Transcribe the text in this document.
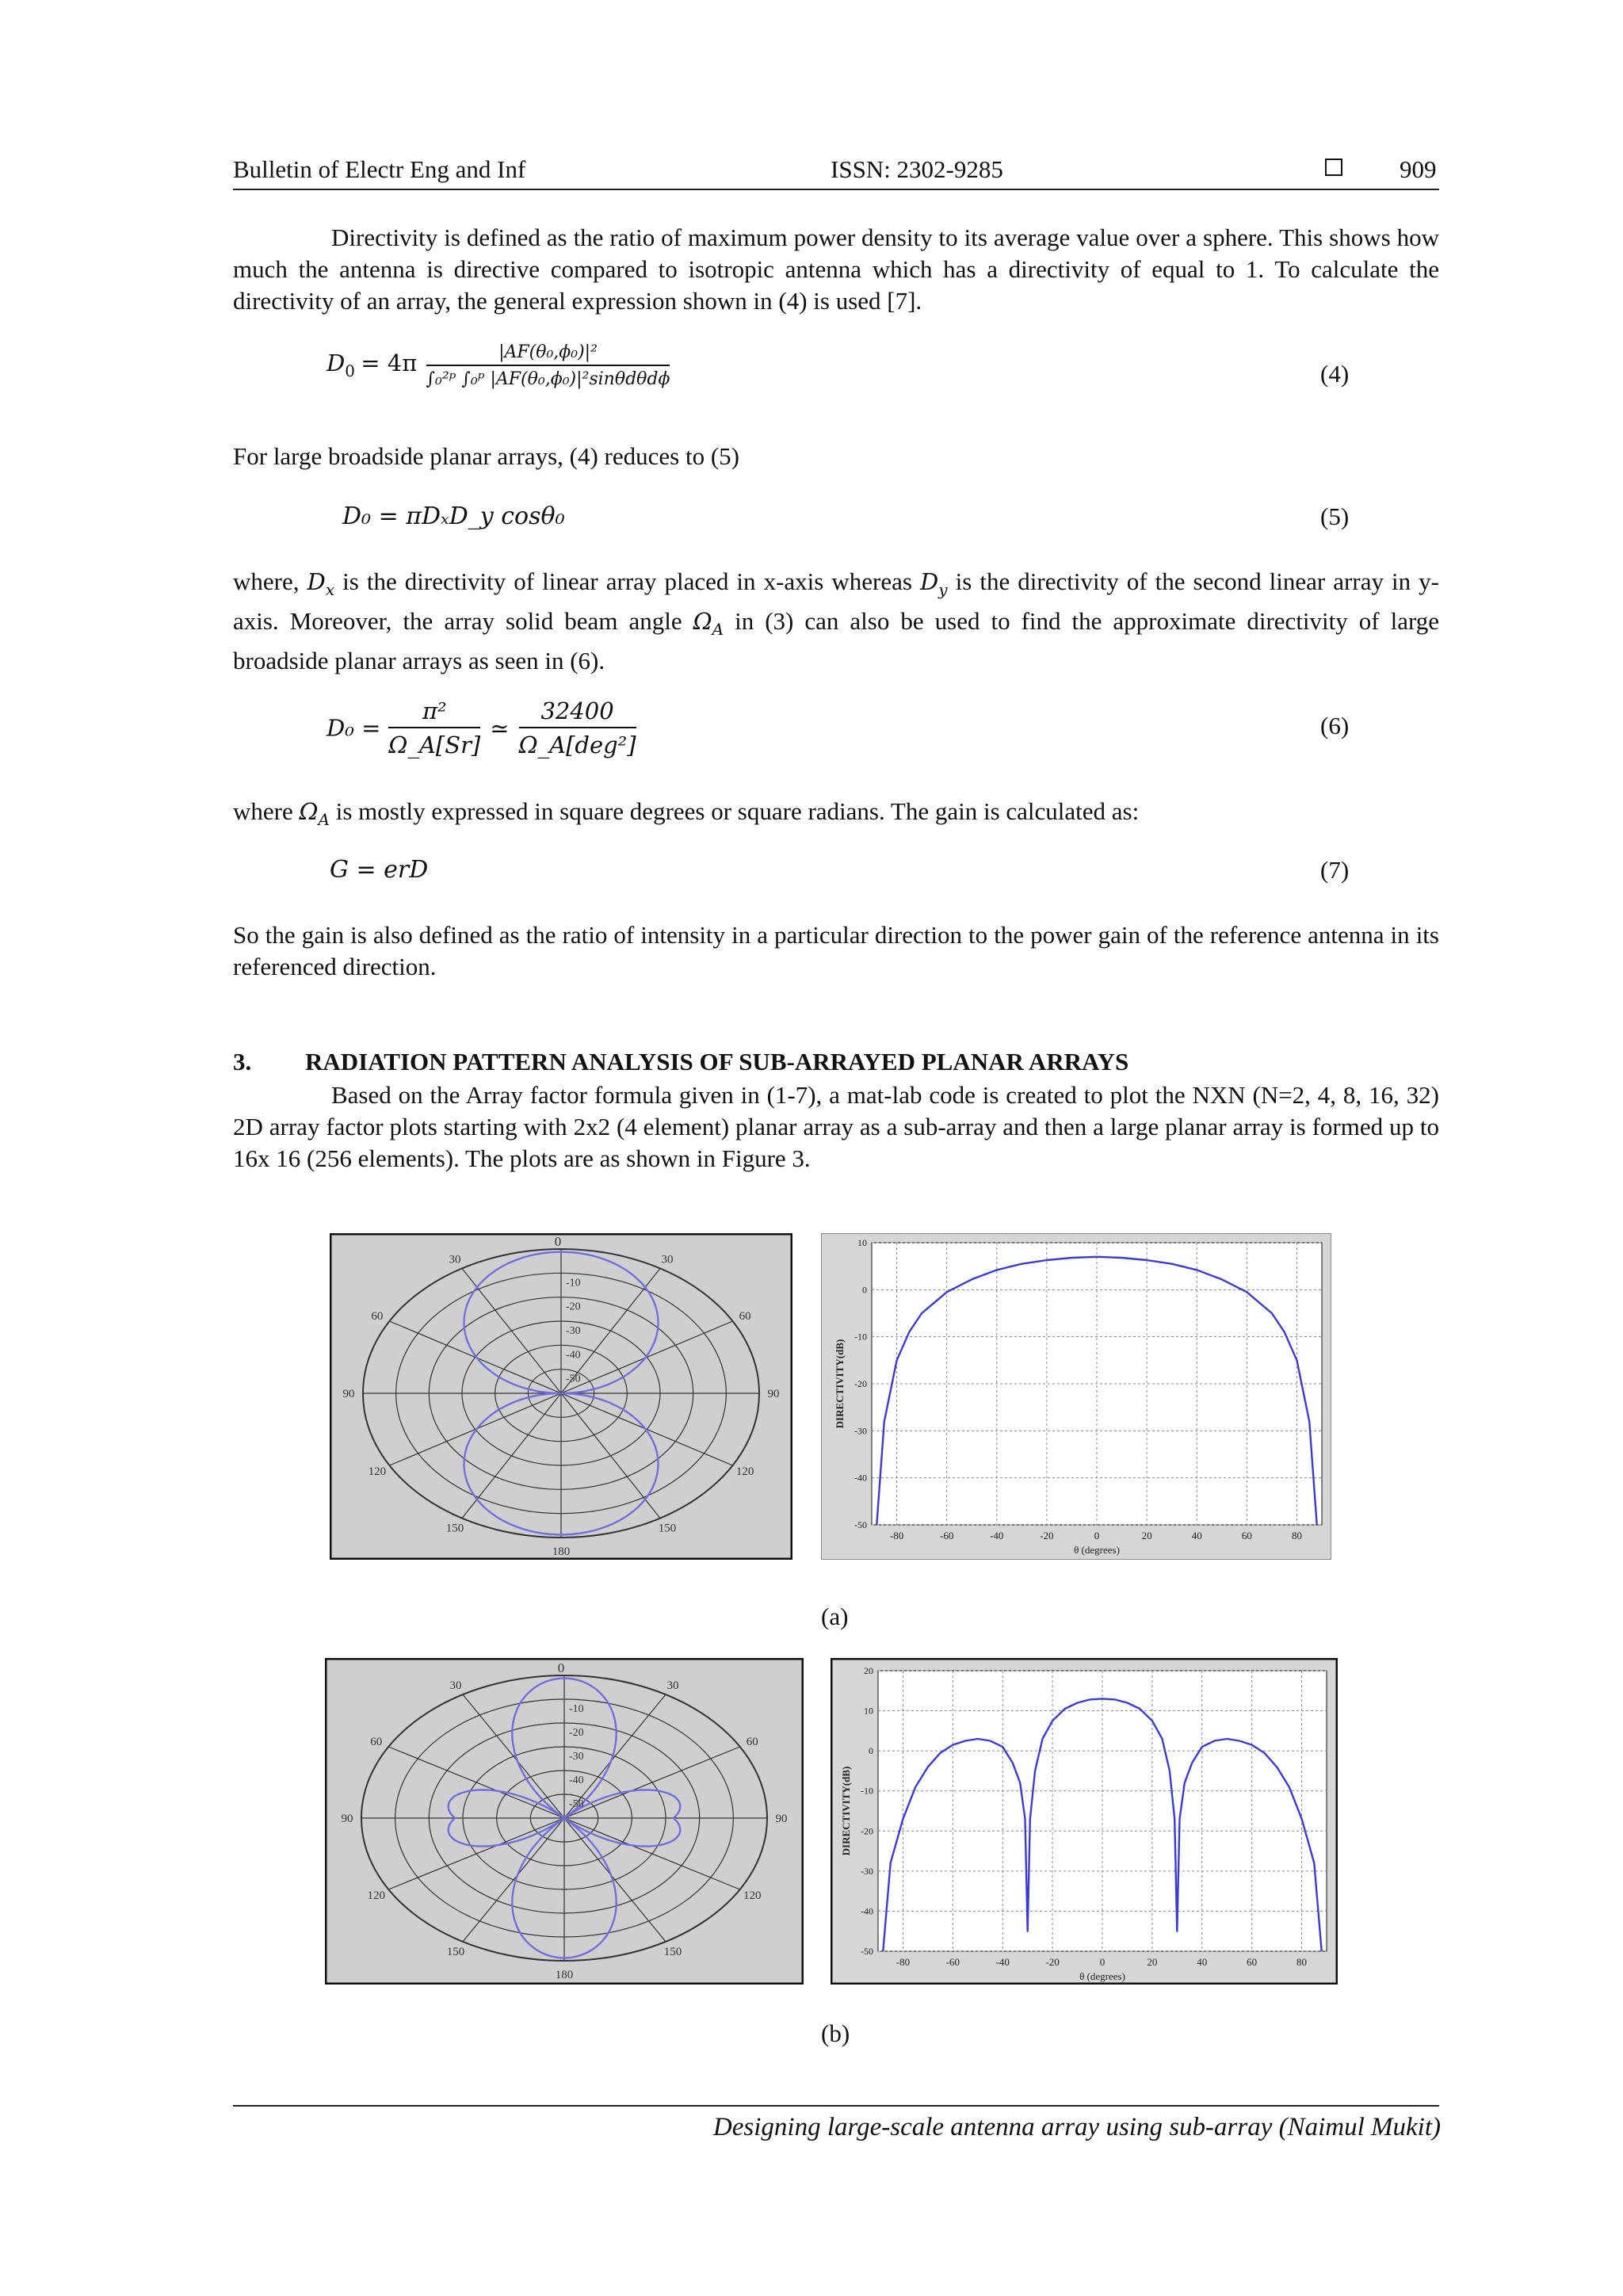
Bulletin of Electr Eng and Inf	ISSN: 2302-9285	909
Directivity is defined as the ratio of maximum power density to its average value over a sphere. This shows how much the antenna is directive compared to isotropic antenna which has a directivity of equal to 1. To calculate the directivity of an array, the general expression shown in (4) is used [7].
$D_0 = 4\pi \frac{\text{|AF(θ₀,ϕ₀)|²}}{\text{∫₀²ᵖ ∫₀ᵖ |AF(θ₀,ϕ₀)|²sinθdθdϕ}}$	(4)
For large broadside planar arrays, (4) reduces to (5)
D₀ = πDₓD_y cosθ₀	(5)
where, $D_x$ is the directivity of linear array placed in x-axis whereas $D_y$ is the directivity of the second linear array in y-axis. Moreover, the array solid beam angle $\Omega_A$ in (3) can also be used to find the approximate directivity of large broadside planar arrays as seen in (6).
$D_0 = \frac{\text{π²}}{\Omega\_A[Sr]}$ ≃ $\frac{32400}{\text{Ω\_A[deg²]}}$	(6)
where $\Omega_A$ is mostly expressed in square degrees or square radians. The gain is calculated as:
G = erD	(7)
So the gain is also defined as the ratio of intensity in a particular direction to the power gain of the reference antenna in its referenced direction.
3. RADIATION PATTERN ANALYSIS OF SUB-ARRAYED PLANAR ARRAYS
Based on the Array factor formula given in (1-7), a mat-lab code is created to plot the NXN (N=2, 4, 8, 16, 32) 2D array factor plots starting with 2x2 (4 element) planar array as a sub-array and then a large planar array is formed up to 16x 16 (256 elements). The plots are as shown in Figure 3.
0
180
30	30
60	60
90	90
120	120
150	150
-10
-20
-30
-40
-50
-80	-60	-40	-20	0	20	40	60	80
10
0
-10
-20
-30
-40
-50
θ (degrees)
DIRECTIVITY(dB)
(a)
0
180
30	30
60	60
90	90
120	120
150	150
-10
-20
-30
-40
-50
-80	-60	-40	-20	0	20	40	60	80
20
10
0
-10
-20
-30
-40
-50
θ (degrees)
DIRECTIVITY(dB)
(b)
Designing large-scale antenna array using sub-array (Naimul Mukit)
